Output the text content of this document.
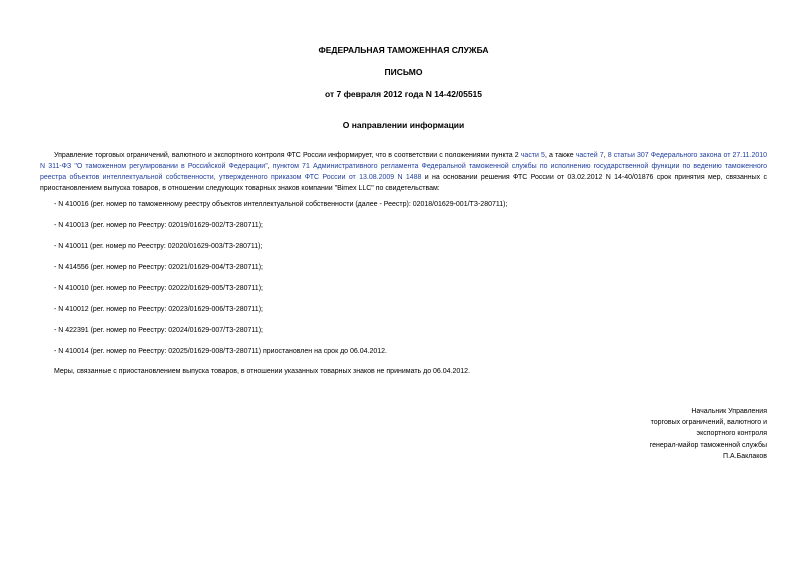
ФЕДЕРАЛЬНАЯ ТАМОЖЕННАЯ СЛУЖБА
ПИСЬМО
от 7 февраля 2012 года N 14-42/05515
О направлении информации

Управление торговых ограничений, валютного и экспортного контроля ФТС России информирует, что в соответствии с положениями пункта 2 части 5, а также частей 7, 8 статьи 307 Федерального закона от 27.11.2010 N 311-ФЗ "О таможенном регулировании в Российской Федерации", пунктом 71 Административного регламента Федеральной таможенной службы по исполнению государственной функции по ведению таможенного реестра объектов интеллектуальной собственности, утвержденного приказом ФТС России от 13.08.2009 N 1488 и на основании решения ФТС России от 03.02.2012 N 14-40/01876 срок принятия мер, связанных с приостановлением выпуска товаров, в отношении следующих товарных знаков компании "Bimex LLC" по свидетельствам:

- N 410016 (рег. номер по таможенному реестру объектов интеллектуальной собственности (далее - Реестр): 02018/01629-001/ТЗ-280711);
- N 410013 (рег. номер по Реестру: 02019/01629-002/ТЗ-280711);
- N 410011 (рег. номер по Реестру: 02020/01629-003/ТЗ-280711);
- N 414556 (рег. номер по Реестру: 02021/01629-004/ТЗ-280711);
- N 410010 (рег. номер по Реестру: 02022/01629-005/ТЗ-280711);
- N 410012 (рег. номер по Реестру: 02023/01629-006/ТЗ-280711);
- N 422391 (рег. номер по Реестру: 02024/01629-007/ТЗ-280711);
- N 410014 (рег. номер по Реестру: 02025/01629-008/ТЗ-280711) приостановлен на срок до 06.04.2012.
Меры, связанные с приостановлением выпуска товаров, в отношении указанных товарных знаков не принимать до 06.04.2012.
Начальник Управления
торговых ограничений, валютного и
экспортного контроля
генерал-майор таможенной службы
П.А.Баклаков
